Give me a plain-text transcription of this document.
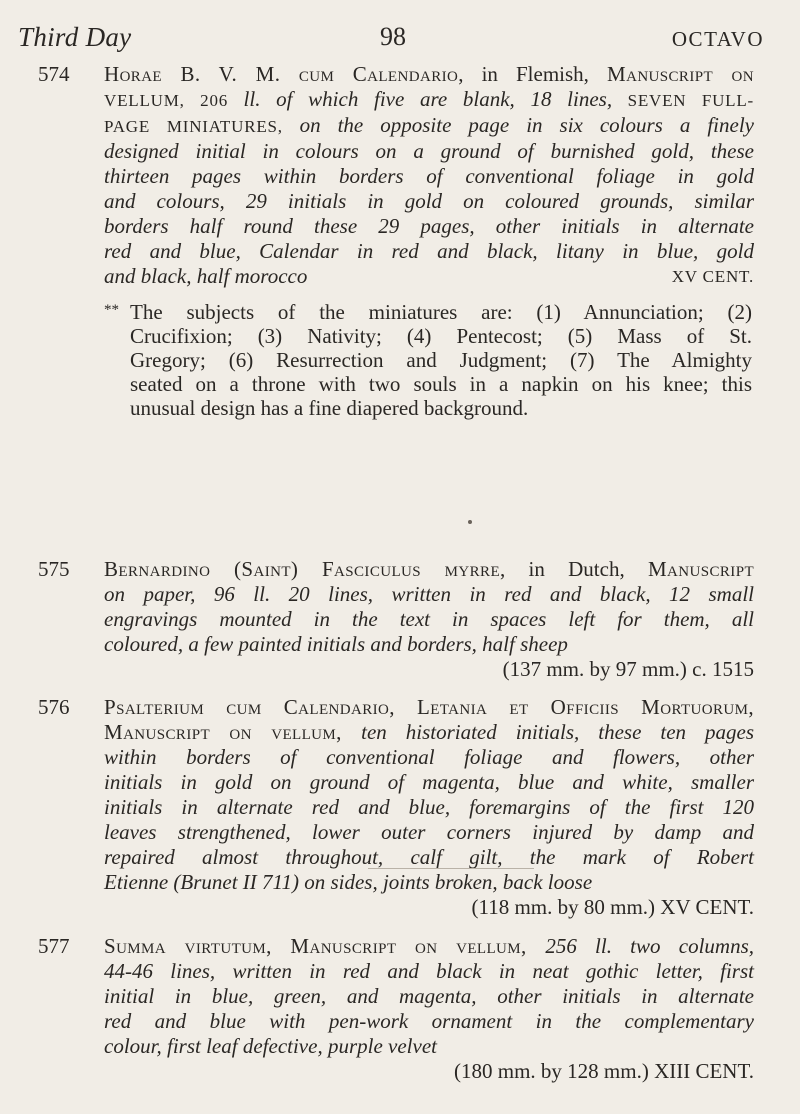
Third Day	98	OCTAVO
574 Horae B. V. M. cum Calendario, in Flemish, Manuscript on
VELLUM, 206 ll. of which five are blank, 18 lines, SEVEN FULL-
PAGE MINIATURES, on the opposite page in six colours a finely
designed initial in colours on a ground of burnished gold, these
thirteen pages within borders of conventional foliage in gold
and colours, 29 initials in gold on coloured grounds, similar
borders half round these 29 pages, other initials in alternate
red and blue, Calendar in red and black, litany in blue, gold
and black, half morocco	XV CENT.
** The subjects of the miniatures are: (1) Annunciation; (2)
Crucifixion; (3) Nativity; (4) Pentecost; (5) Mass of St.
Gregory; (6) Resurrection and Judgment; (7) The Almighty
seated on a throne with two souls in a napkin on his knee; this
unusual design has a fine diapered background.
575 Bernardino (Saint) Fasciculus myrre, in Dutch, Manuscript
on paper, 96 ll. 20 lines, written in red and black, 12 small
engravings mounted in the text in spaces left for them, all
coloured, a few painted initials and borders, half sheep
(137 mm. by 97 mm.) c. 1515
576 Psalterium cum Calendario, Letania et Officiis Mortuorum,
Manuscript on vellum, ten historiated initials, these ten pages
within borders of conventional foliage and flowers, other
initials in gold on ground of magenta, blue and white, smaller
initials in alternate red and blue, foremargins of the first 120
leaves strengthened, lower outer corners injured by damp and
repaired almost throughout, calf gilt, the mark of Robert
Etienne (Brunet II 711) on sides, joints broken, back loose
(118 mm. by 80 mm.) XV CENT.
577 Summa virtutum, Manuscript on vellum, 256 ll. two columns,
44-46 lines, written in red and black in neat gothic letter, first
initial in blue, green, and magenta, other initials in alternate
red and blue with pen-work ornament in the complementary
colour, first leaf defective, purple velvet
(180 mm. by 128 mm.) XIII CENT.
